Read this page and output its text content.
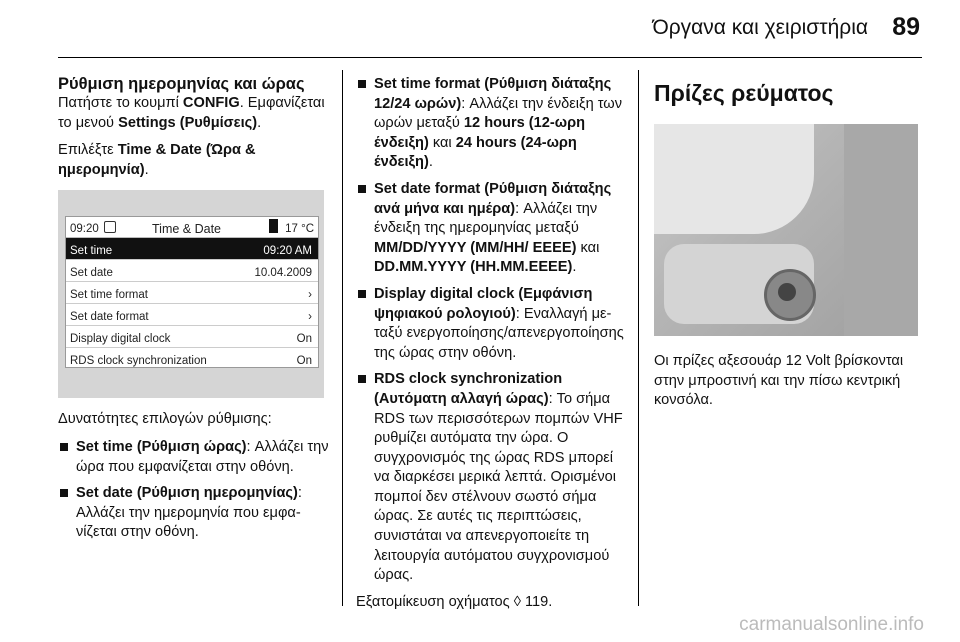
Όργανα και χειριστήρια 89
Ρύθμιση ημερομηνίας και ώρας

Πατήστε το κουμπί CONFIG. Εμφανίζεται το μενού Settings (Ρυθμίσεις).

Επιλέξτε Time & Date (Ώρα & ημερομηνία).

09:20	Time & Date	17 °C
Set time	09:20 AM
Set date	10.04.2009
Set time format	›
Set date format	›
Display digital clock	On
RDS clock synchronization	On

Δυνατότητες επιλογών ρύθμισης:

Set time (Ρύθμιση ώρας): Αλλάζει την ώρα που εμφανίζεται στην οθόνη.
Set date (Ρύθμιση ημερομηνίας): Αλλάζει την ημερομηνία που εμφανίζεται στην οθόνη.
Set time format (Ρύθμιση διάταξης 12/24 ωρών): Αλλάζει την ένδειξη των ωρών μεταξύ 12 hours (12-ωρη ένδειξη) και 24 hours (24-ωρη ένδειξη).
Set date format (Ρύθμιση διάταξης ανά μήνα και ημέρα): Αλλάζει την ένδειξη της ημερομηνίας μεταξύ MM/DD/YYYY (MM/HH/ EEEE) και DD.MM.YYYY (HH.MM.EEEE).
Display digital clock (Εμφάνιση ψηφιακού ρολογιού): Εναλλαγή μεταξύ ενεργοποίησης/απενεργοποίησης της ώρας στην οθόνη.
RDS clock synchronization (Αυτόματη αλλαγή ώρας): Το σήμα RDS των περισσότερων πομπών VHF ρυθμίζει αυτόματα την ώρα. Ο συγχρονισμός της ώρας RDS μπορεί να διαρκέσει μερικά λεπτά. Ορισμένοι πομποί δεν στέλνουν σωστό σήμα ώρας. Σε αυτές τις περιπτώσεις, συνιστάται να απενεργοποιείτε τη λειτουργία αυτόματου συγχρονισμού ώρας.

Εξατομίκευση οχήματος ◊ 119.

Πρίζες ρεύματος

Οι πρίζες αξεσουάρ 12 Volt βρίσκονται στην μπροστινή και την πίσω κεντρική κονσόλα.

carmanualsonline.info
